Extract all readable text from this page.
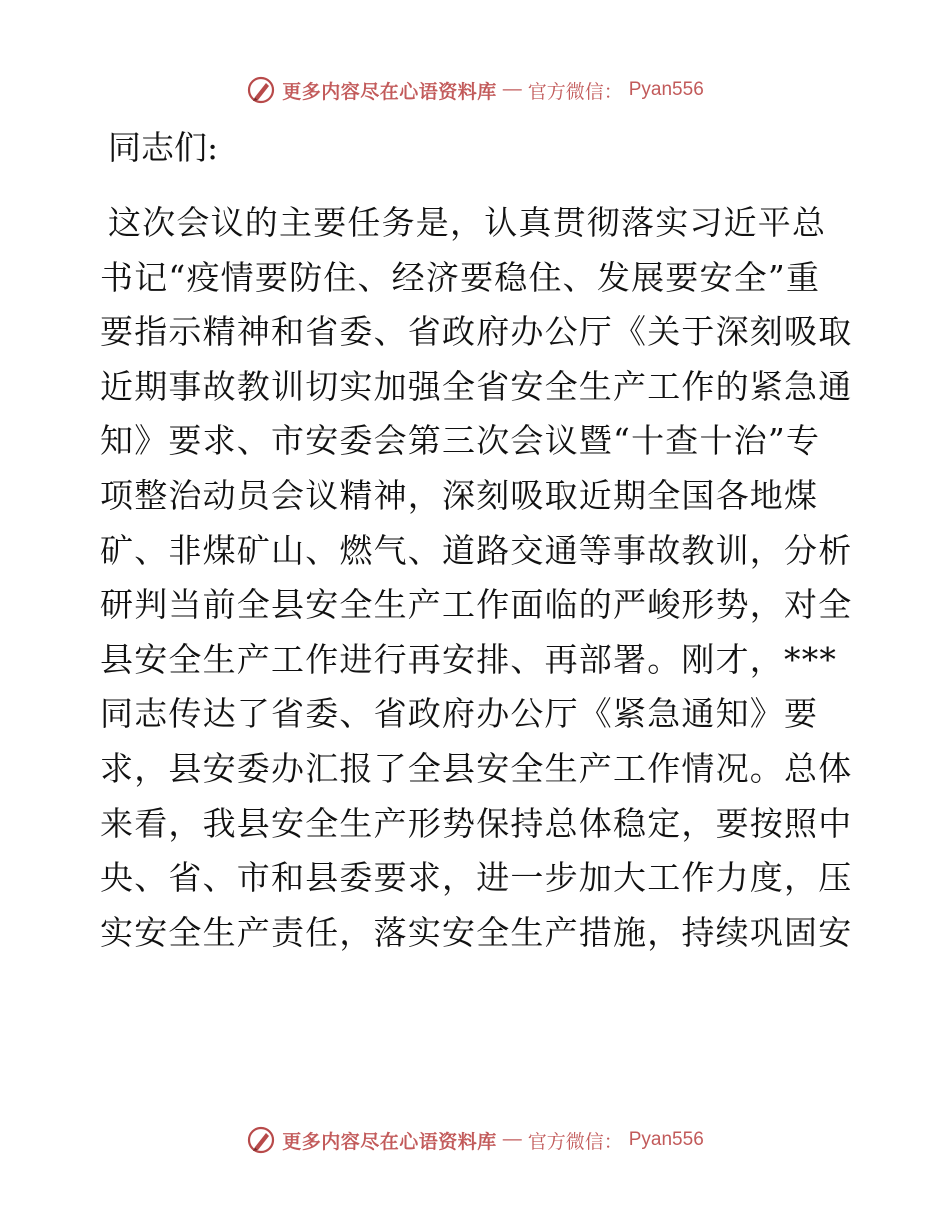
更多内容尽在心语资料库 — 官方微信： Pyan556
同志们:
这次会议的主要任务是，认真贯彻落实习近平总
书记“疫情要防住、经济要稳住、发展要安全”重
要指示精神和省委、省政府办公厅《关于深刻吸取
近期事故教训切实加强全省安全生产工作的紧急通
知》要求、市安委会第三次会议暨“十查十治”专
项整治动员会议精神，深刻吸取近期全国各地煤
矿、非煤矿山、燃气、道路交通等事故教训，分析
研判当前全县安全生产工作面临的严峻形势，对全
县安全生产工作进行再安排、再部署。刚才，***
同志传达了省委、省政府办公厅《紧急通知》要
求，县安委办汇报了全县安全生产工作情况。总体
来看，我县安全生产形势保持总体稳定，要按照中
央、省、市和县委要求，进一步加大工作力度，压
实安全生产责任，落实安全生产措施，持续巩固安
更多内容尽在心语资料库 — 官方微信： Pyan556
